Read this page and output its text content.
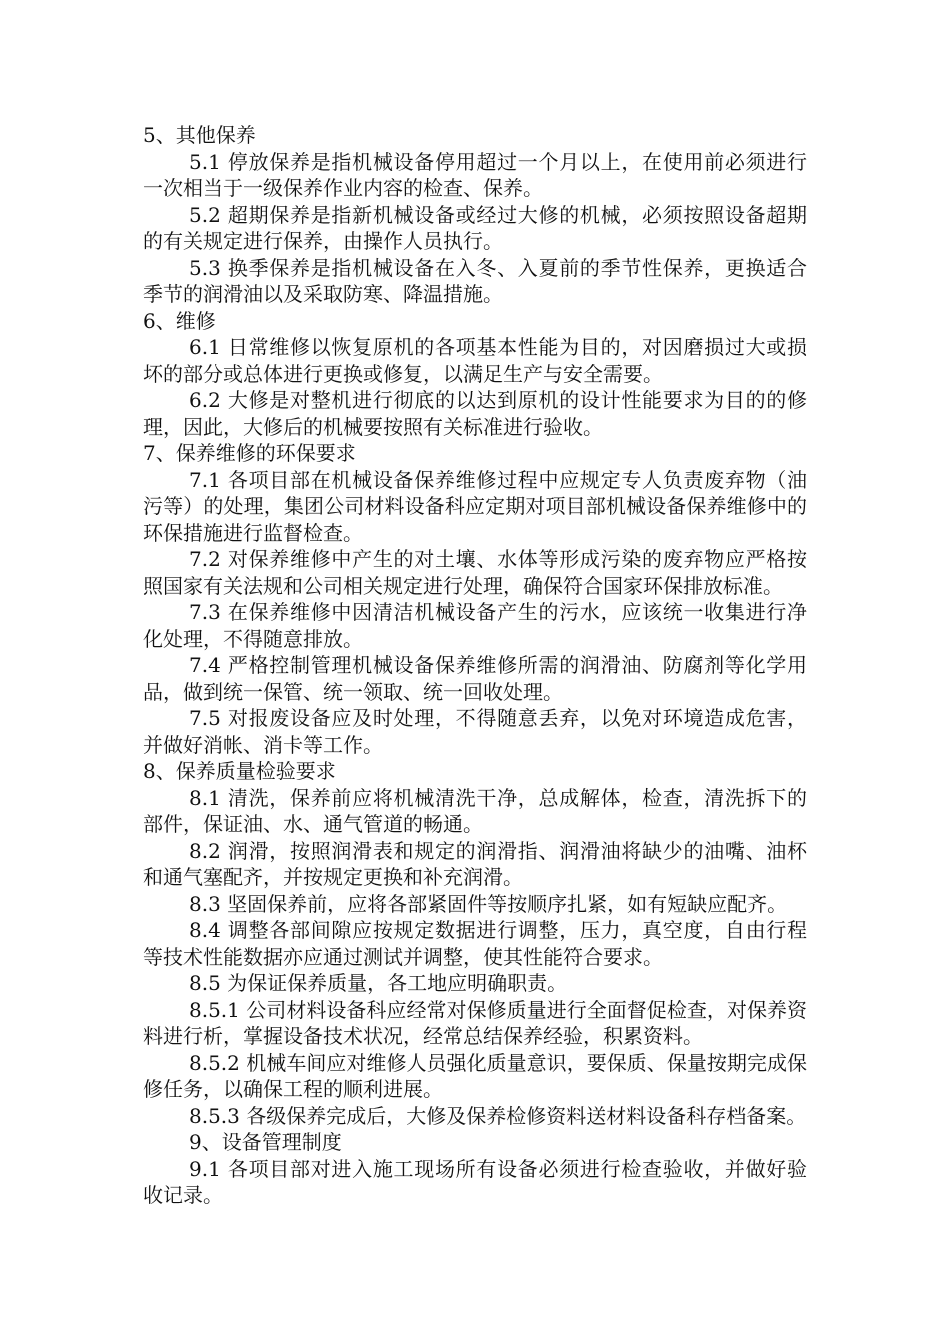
5、其他保养

5.1 停放保养是指机械设备停用超过一个月以上，在使用前必须进行一次相当于一级保养作业内容的检查、保养。

5.2 超期保养是指新机械设备或经过大修的机械，必须按照设备超期的有关规定进行保养，由操作人员执行。

5.3 换季保养是指机械设备在入冬、入夏前的季节性保养，更换适合季节的润滑油以及采取防寒、降温措施。

6、维修

6.1 日常维修以恢复原机的各项基本性能为目的，对因磨损过大或损坏的部分或总体进行更换或修复，以满足生产与安全需要。

6.2 大修是对整机进行彻底的以达到原机的设计性能要求为目的的修理，因此，大修后的机械要按照有关标准进行验收。

7、保养维修的环保要求

7.1 各项目部在机械设备保养维修过程中应规定专人负责废弃物（油污等）的处理，集团公司材料设备科应定期对项目部机械设备保养维修中的环保措施进行监督检查。

7.2 对保养维修中产生的对土壤、水体等形成污染的废弃物应严格按照国家有关法规和公司相关规定进行处理，确保符合国家环保排放标准。

7.3 在保养维修中因清洁机械设备产生的污水，应该统一收集进行净化处理，不得随意排放。

7.4 严格控制管理机械设备保养维修所需的润滑油、防腐剂等化学用品，做到统一保管、统一领取、统一回收处理。

7.5 对报废设备应及时处理，不得随意丢弃，以免对环境造成危害，并做好消帐、消卡等工作。

8、保养质量检验要求

8.1 清洗，保养前应将机械清洗干净，总成解体，检查，清洗拆下的部件，保证油、水、通气管道的畅通。

8.2 润滑，按照润滑表和规定的润滑指、润滑油将缺少的油嘴、油杯和通气塞配齐，并按规定更换和补充润滑。

8.3 坚固保养前，应将各部紧固件等按顺序扎紧，如有短缺应配齐。

8.4 调整各部间隙应按规定数据进行调整，压力，真空度，自由行程等技术性能数据亦应通过测试并调整，使其性能符合要求。

8.5 为保证保养质量，各工地应明确职责。

8.5.1 公司材料设备科应经常对保修质量进行全面督促检查，对保养资料进行析，掌握设备技术状况，经常总结保养经验，积累资料。

8.5.2 机械车间应对维修人员强化质量意识，要保质、保量按期完成保修任务，以确保工程的顺利进展。

8.5.3 各级保养完成后，大修及保养检修资料送材料设备科存档备案。

9、设备管理制度

9.1 各项目部对进入施工现场所有设备必须进行检查验收，并做好验收记录。
